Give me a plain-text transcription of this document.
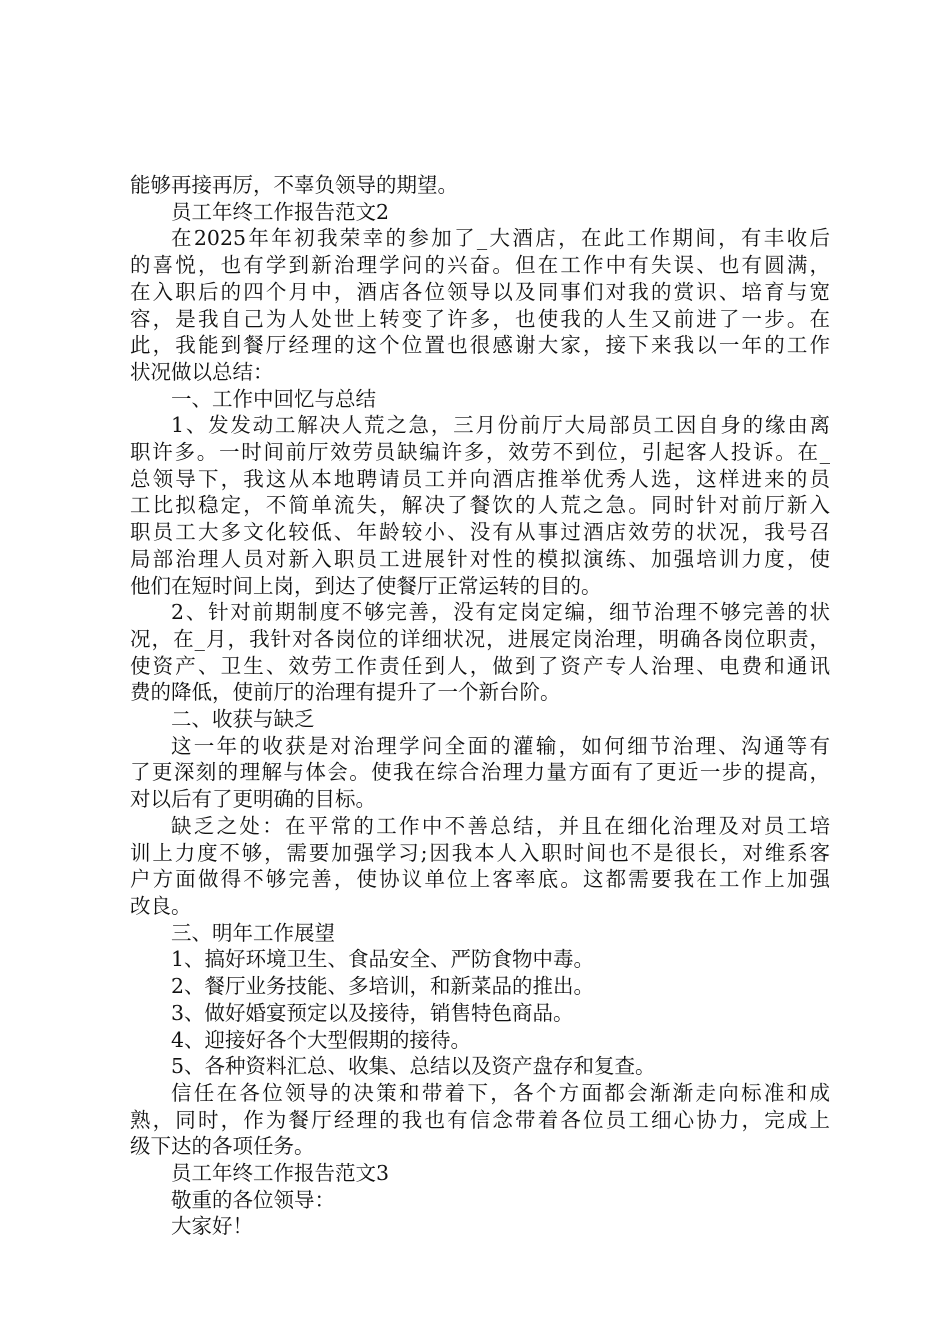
能够再接再厉，不辜负领导的期望。
员工年终工作报告范文2
在2025年年初我荣幸的参加了_大酒店，在此工作期间，有丰收后
的喜悦，也有学到新治理学问的兴奋。但在工作中有失误、也有圆满，
在入职后的四个月中，酒店各位领导以及同事们对我的赏识、培育与宽
容，是我自己为人处世上转变了许多，也使我的人生又前进了一步。在
此，我能到餐厅经理的这个位置也很感谢大家，接下来我以一年的工作
状况做以总结：
一、工作中回忆与总结
1、发发动工解决人荒之急，三月份前厅大局部员工因自身的缘由离
职许多。一时间前厅效劳员缺编许多，效劳不到位，引起客人投诉。在_
总领导下，我这从本地聘请员工并向酒店推举优秀人选，这样进来的员
工比拟稳定，不简单流失，解决了餐饮的人荒之急。同时针对前厅新入
职员工大多文化较低、年龄较小、没有从事过酒店效劳的状况，我号召
局部治理人员对新入职员工进展针对性的模拟演练、加强培训力度，使
他们在短时间上岗，到达了使餐厅正常运转的目的。
2、针对前期制度不够完善，没有定岗定编，细节治理不够完善的状
况，在_月，我针对各岗位的详细状况，进展定岗治理，明确各岗位职责，
使资产、卫生、效劳工作责任到人，做到了资产专人治理、电费和通讯
费的降低，使前厅的治理有提升了一个新台阶。
二、收获与缺乏
这一年的收获是对治理学问全面的灌输，如何细节治理、沟通等有
了更深刻的理解与体会。使我在综合治理力量方面有了更近一步的提高，
对以后有了更明确的目标。
缺乏之处：在平常的工作中不善总结，并且在细化治理及对员工培
训上力度不够，需要加强学习;因我本人入职时间也不是很长，对维系客
户方面做得不够完善，使协议单位上客率底。这都需要我在工作上加强
改良。
三、明年工作展望
1、搞好环境卫生、食品安全、严防食物中毒。
2、餐厅业务技能、多培训，和新菜品的推出。
3、做好婚宴预定以及接待，销售特色商品。
4、迎接好各个大型假期的接待。
5、各种资料汇总、收集、总结以及资产盘存和复查。
信任在各位领导的决策和带着下，各个方面都会渐渐走向标准和成
熟，同时，作为餐厅经理的我也有信念带着各位员工细心协力，完成上
级下达的各项任务。
员工年终工作报告范文3
敬重的各位领导：
大家好！
